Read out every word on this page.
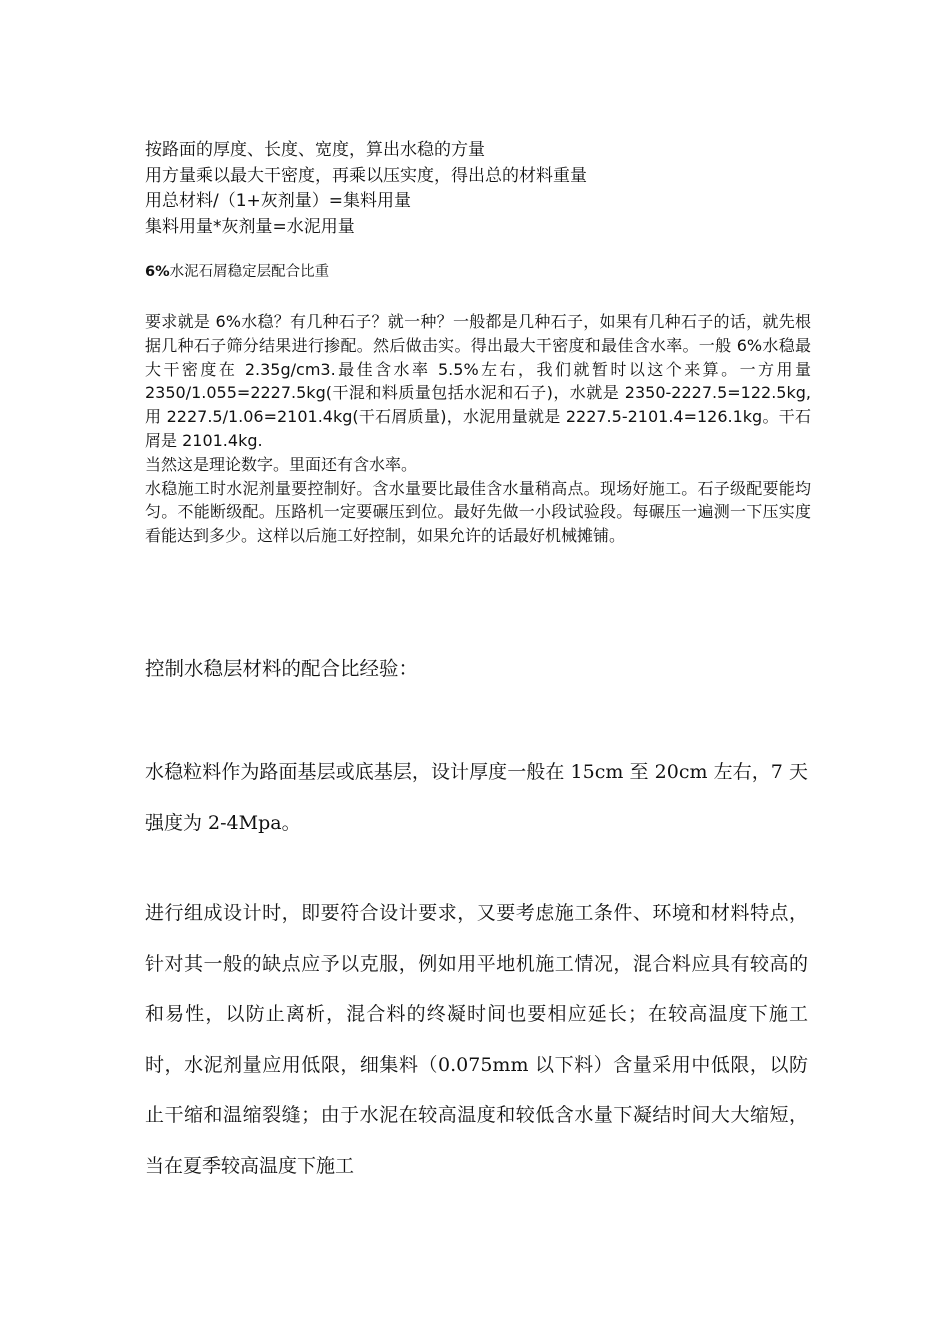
按路面的厚度、长度、宽度，算出水稳的方量
用方量乘以最大干密度，再乘以压实度，得出总的材料重量
用总材料/（1+灰剂量）=集料用量
集料用量*灰剂量=水泥用量
6%水泥石屑稳定层配合比重

要求就是 6%水稳？有几种石子？就一种？一般都是几种石子，如果有几种石子的话，就先根据几种石子筛分结果进行掺配。然后做击实。得出最大干密度和最佳含水率。一般 6%水稳最大干密度在 2.35g/cm3.最佳含水率 5.5%左右，我们就暂时以这个来算。一方用量 2350/1.055=2227.5kg(干混和料质量包括水泥和石子)，水就是 2350-2227.5=122.5kg,用 2227.5/1.06=2101.4kg(干石屑质量)，水泥用量就是 2227.5-2101.4=126.1kg。干石屑是 2101.4kg.

当然这是理论数字。里面还有含水率。

水稳施工时水泥剂量要控制好。含水量要比最佳含水量稍高点。现场好施工。石子级配要能均匀。不能断级配。压路机一定要碾压到位。最好先做一小段试验段。每碾压一遍测一下压实度看能达到多少。这样以后施工好控制，如果允许的话最好机械摊铺。

控制水稳层材料的配合比经验：

水稳粒料作为路面基层或底基层，设计厚度一般在 15cm 至 20cm 左右，7 天强度为 2-4Mpa。

进行组成设计时，即要符合设计要求，又要考虑施工条件、环境和材料特点，针对其一般的缺点应予以克服，例如用平地机施工情况，混合料应具有较高的和易性，以防止离析，混合料的终凝时间也要相应延长；在较高温度下施工时，水泥剂量应用低限，细集料（0.075mm 以下料）含量采用中低限，以防止干缩和温缩裂缝；由于水泥在较高温度和较低含水量下凝结时间大大缩短，当在夏季较高温度下施工
